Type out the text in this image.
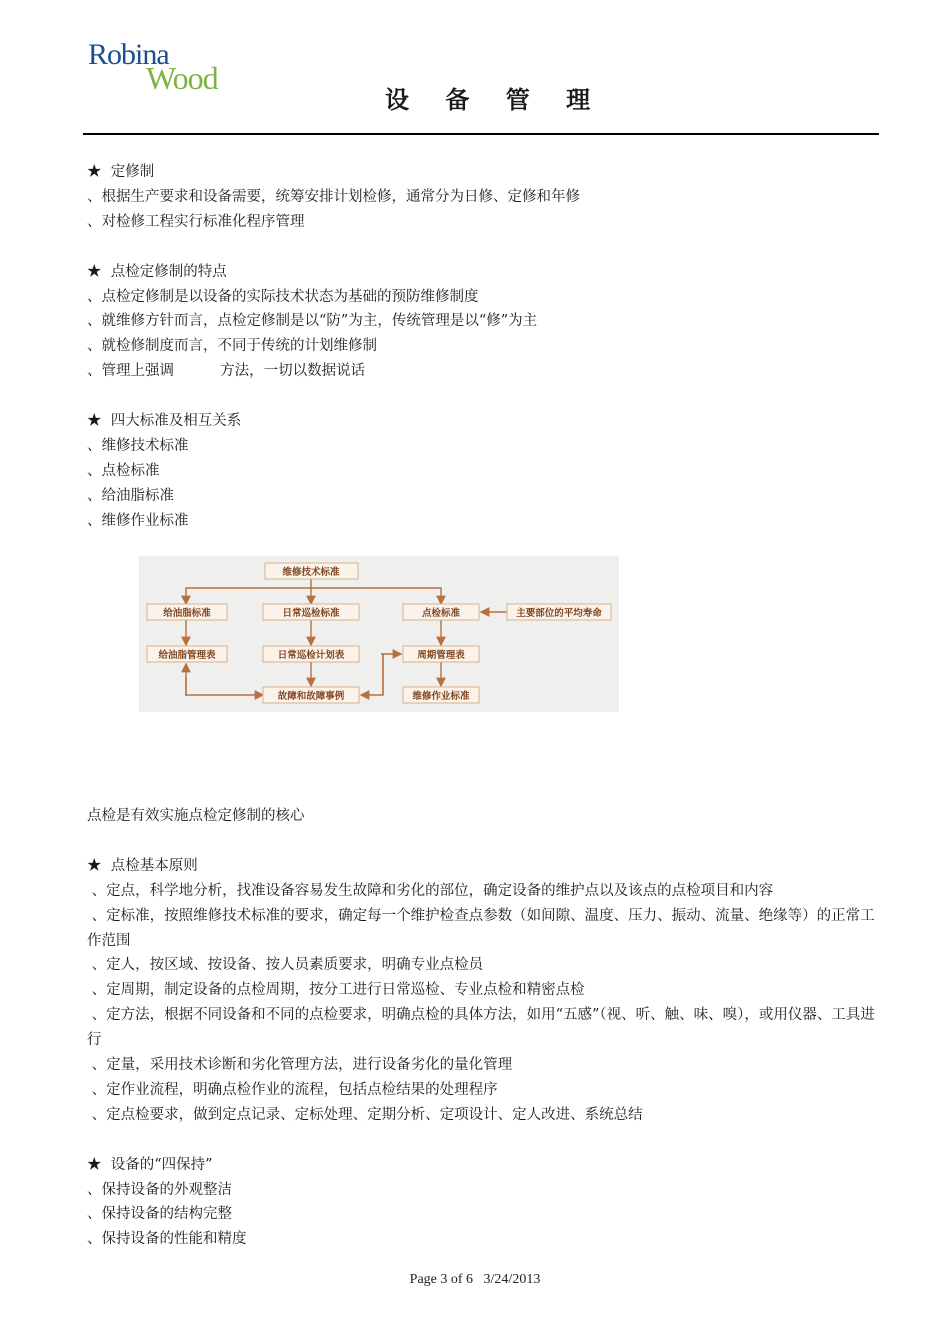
Robina
Wood
设 备 管 理
★ 定修制
、根据生产要求和设备需要，统筹安排计划检修，通常分为日修、定修和年修
、对检修工程实行标准化程序管理
★ 点检定修制的特点
、点检定修制是以设备的实际技术状态为基础的预防维修制度
、就维修方针而言，点检定修制是以“防”为主，传统管理是以“修”为主
、就检修制度而言，不同于传统的计划维修制
、管理上强调          方法，一切以数据说话
★ 四大标准及相互关系
、维修技术标准
、点检标准
、给油脂标准
、维修作业标准
维修技术标准
给油脂标准	日常巡检标准	点检标准	主要部位的平均寿命
给油脂管理表	日常巡检计划表	周期管理表
故障和故障事例	维修作业标准
点检是有效实施点检定修制的核心
★ 点检基本原则
、定点，科学地分析，找准设备容易发生故障和劣化的部位，确定设备的维护点以及该点的点检项目和内容
、定标准，按照维修技术标准的要求，确定每一个维护检查点参数（如间隙、温度、压力、振动、流量、绝缘等）的正常工作范围
、定人，按区域、按设备、按人员素质要求，明确专业点检员
、定周期，制定设备的点检周期，按分工进行日常巡检、专业点检和精密点检
、定方法，根据不同设备和不同的点检要求，明确点检的具体方法，如用“五感”（视、听、触、味、嗅），或用仪器、工具进行
、定量，采用技术诊断和劣化管理方法，进行设备劣化的量化管理
、定作业流程，明确点检作业的流程，包括点检结果的处理程序
、定点检要求，做到定点记录、定标处理、定期分析、定项设计、定人改进、系统总结
★ 设备的“四保持”
、保持设备的外观整洁
、保持设备的结构完整
、保持设备的性能和精度
Page 3 of 6 3/24/2013
